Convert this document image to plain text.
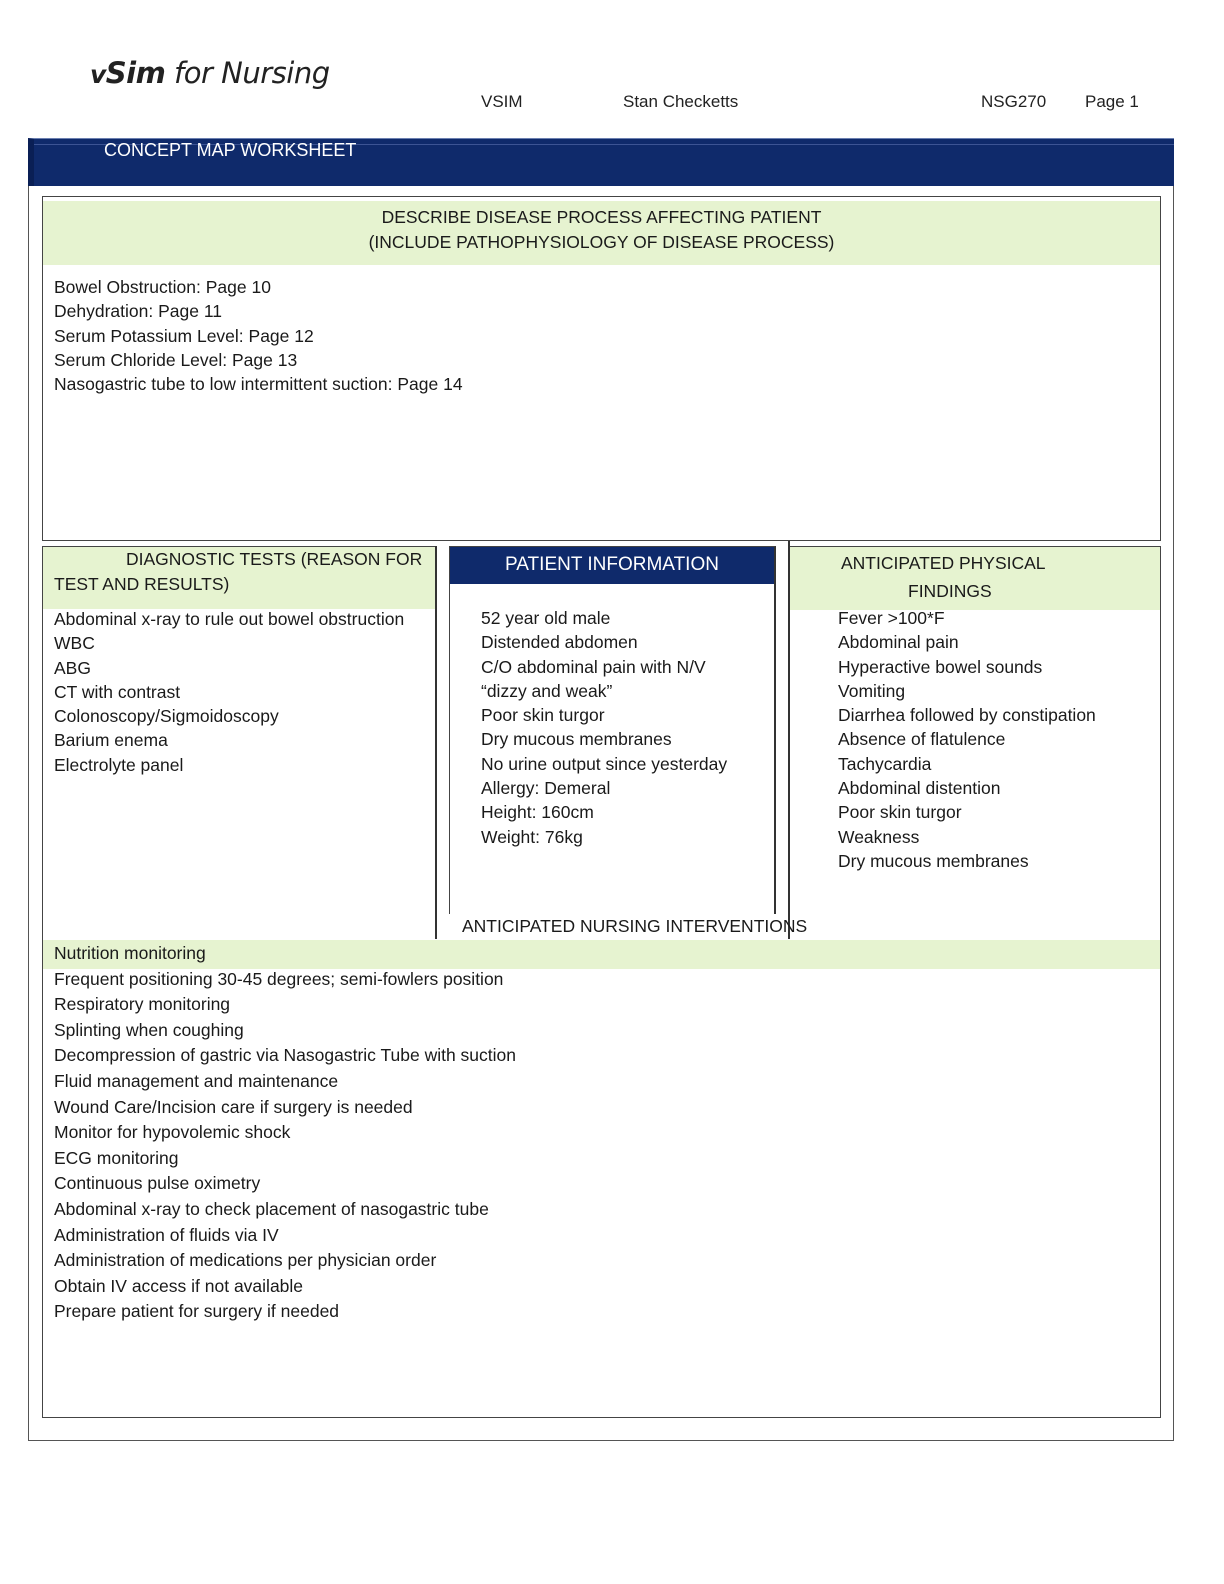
vSim for Nursing
VSIM	Stan Checketts	NSG270 Page 1
CONCEPT MAP WORKSHEET
DESCRIBE DISEASE PROCESS AFFECTING PATIENT
(INCLUDE PATHOPHYSIOLOGY OF DISEASE PROCESS)
Bowel Obstruction: Page 10
Dehydration: Page 11
Serum Potassium Level: Page 12
Serum Chloride Level: Page 13
Nasogastric tube to low intermittent suction: Page 14
DIAGNOSTIC TESTS (REASON FOR
TEST AND RESULTS)
Abdominal x-ray to rule out bowel obstruction
WBC
ABG
CT with contrast
Colonoscopy/Sigmoidoscopy
Barium enema
Electrolyte panel
PATIENT INFORMATION
52 year old male
Distended abdomen
C/O abdominal pain with N/V
“dizzy and weak”
Poor skin turgor
Dry mucous membranes
No urine output since yesterday
Allergy: Demeral
Height: 160cm
Weight: 76kg
ANTICIPATED PHYSICAL
FINDINGS
Fever >100*F
Abdominal pain
Hyperactive bowel sounds
Vomiting
Diarrhea followed by constipation
Absence of flatulence
Tachycardia
Abdominal distention
Poor skin turgor
Weakness
Dry mucous membranes
ANTICIPATED NURSING INTERVENTIONS
Nutrition monitoring
Frequent positioning 30-45 degrees; semi-fowlers position
Respiratory monitoring
Splinting when coughing
Decompression of gastric via Nasogastric Tube with suction
Fluid management and maintenance
Wound Care/Incision care if surgery is needed
Monitor for hypovolemic shock
ECG monitoring
Continuous pulse oximetry
Abdominal x-ray to check placement of nasogastric tube
Administration of fluids via IV
Administration of medications per physician order
Obtain IV access if not available
Prepare patient for surgery if needed
